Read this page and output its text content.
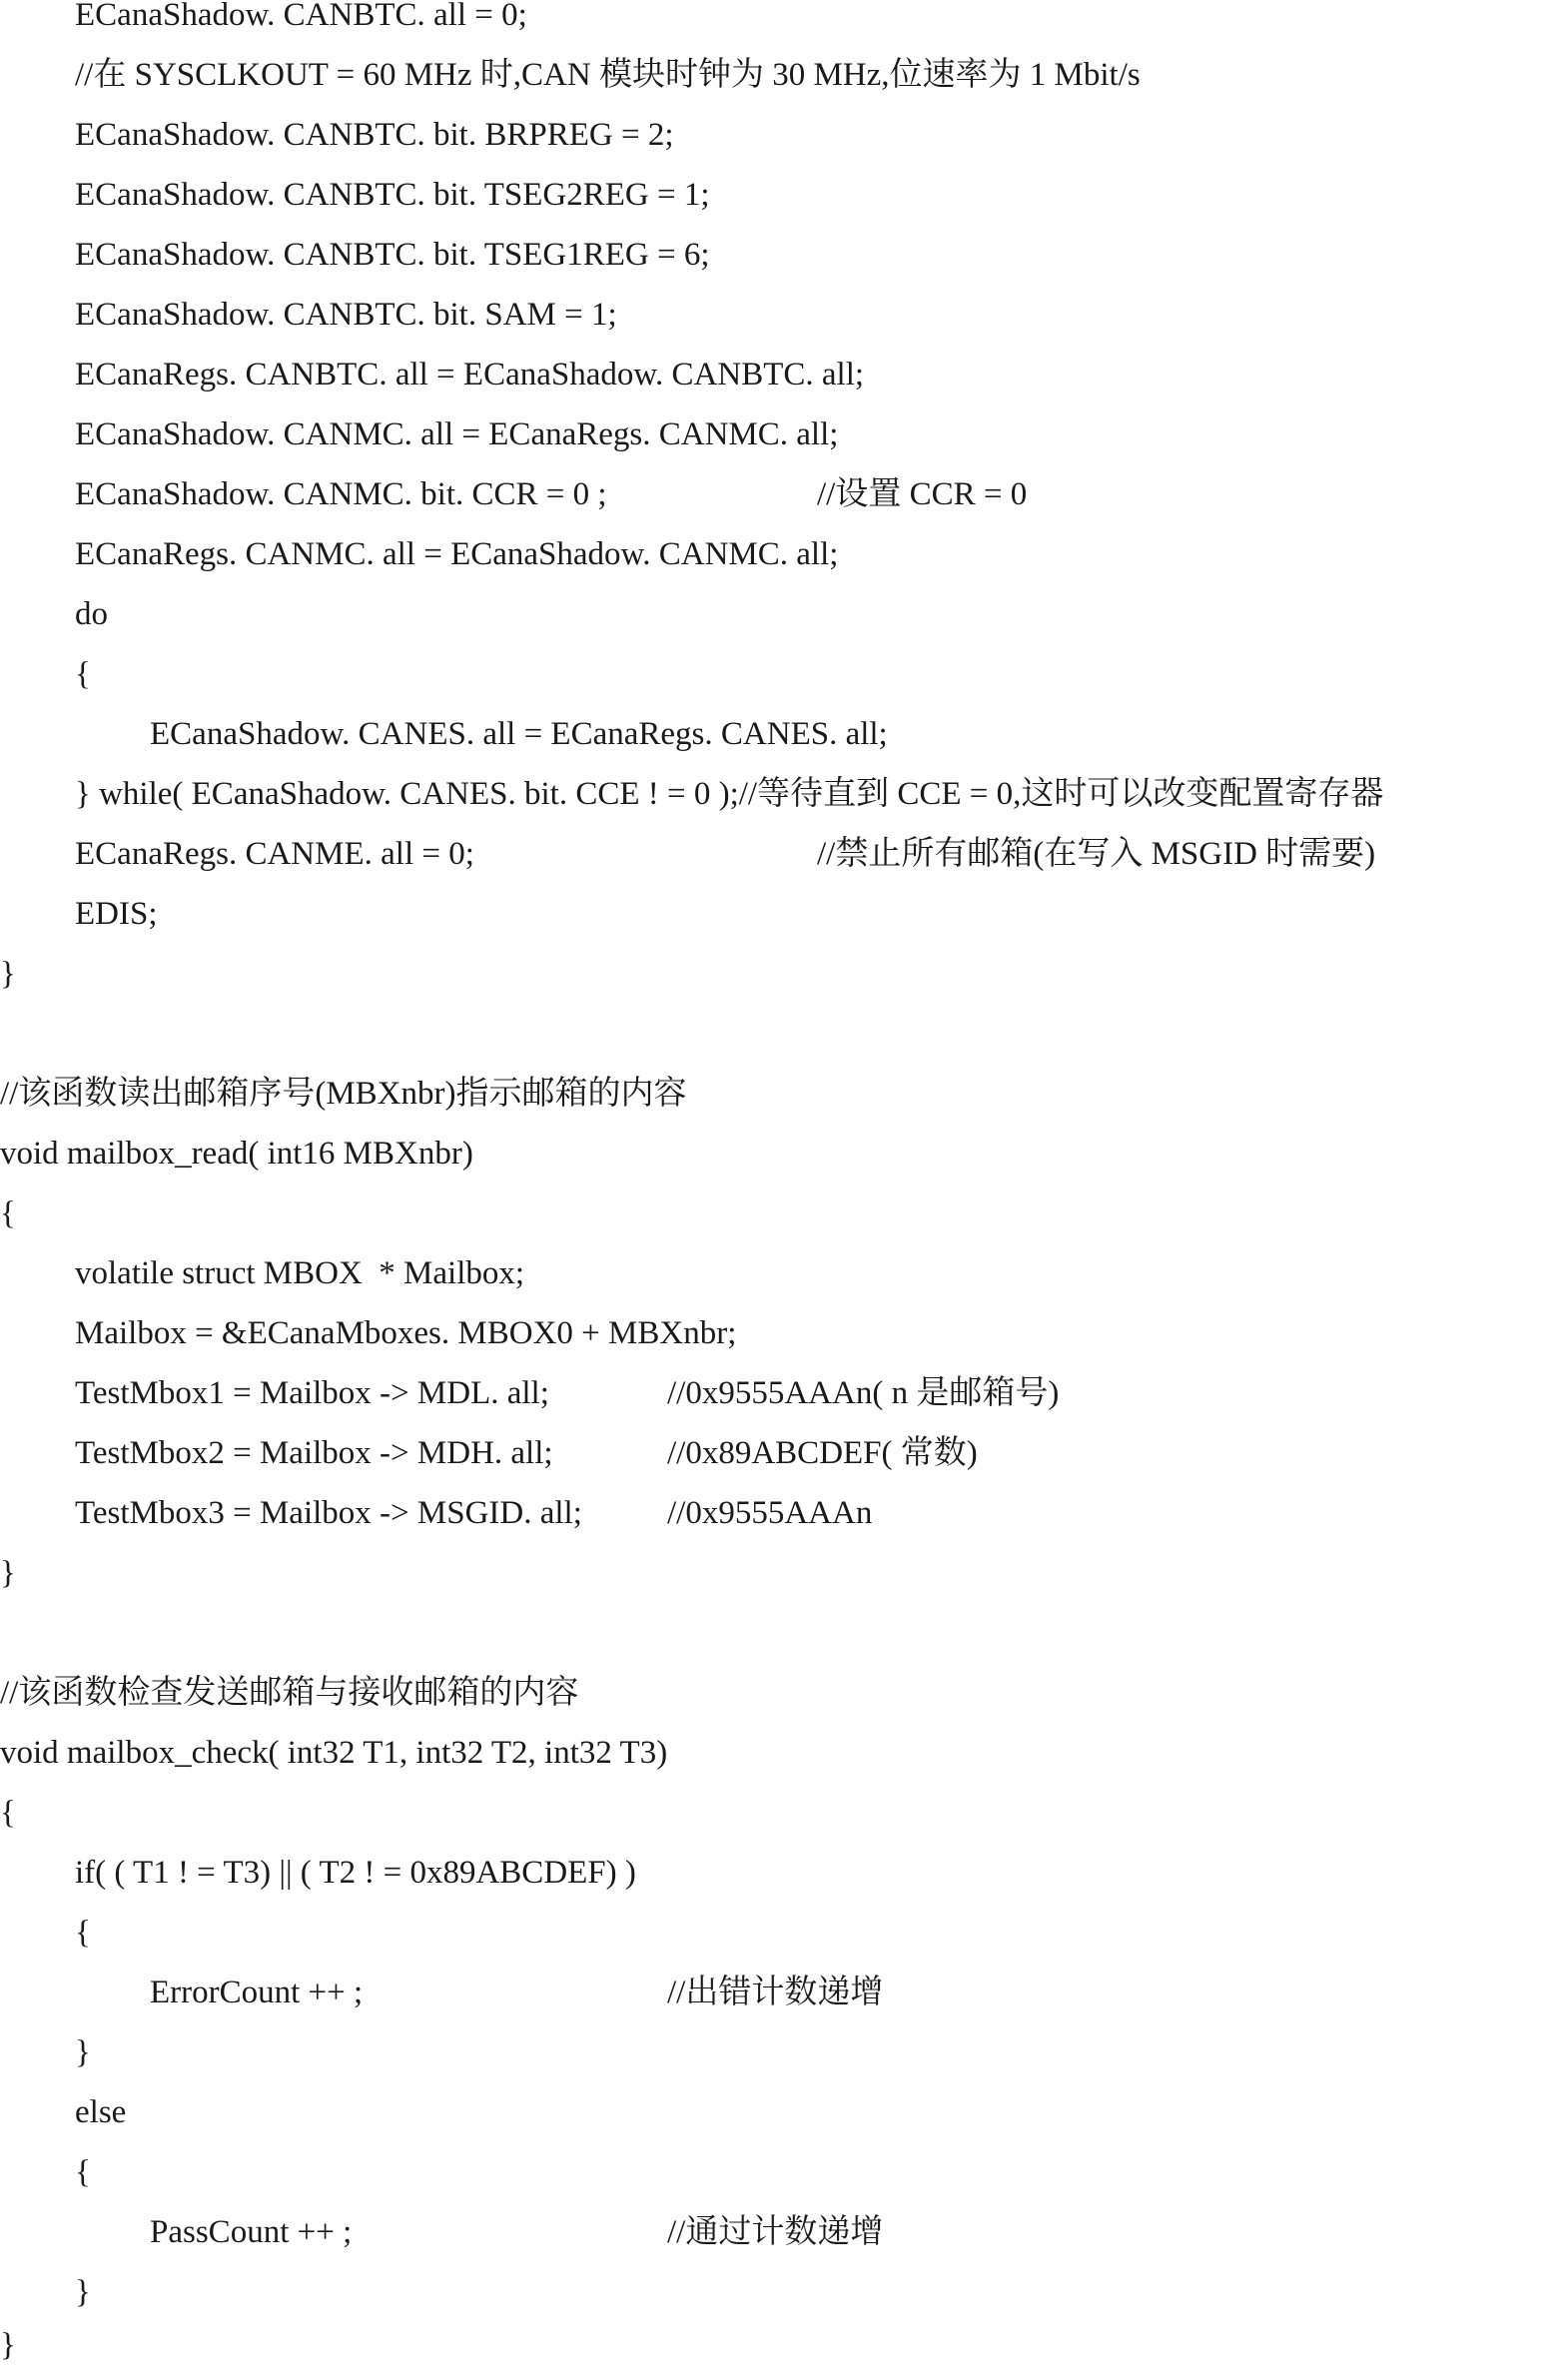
ECanaShadow. CANBTC. all = 0;
//在 SYSCLKOUT = 60 MHz 时,CAN 模块时钟为 30 MHz,位速率为 1 Mbit/s
ECanaShadow. CANBTC. bit. BRPREG = 2;
ECanaShadow. CANBTC. bit. TSEG2REG = 1;
ECanaShadow. CANBTC. bit. TSEG1REG = 6;
ECanaShadow. CANBTC. bit. SAM = 1;
ECanaRegs. CANBTC. all = ECanaShadow. CANBTC. all;
ECanaShadow. CANMC. all = ECanaRegs. CANMC. all;
ECanaShadow. CANMC. bit. CCR = 0 ;	//设置 CCR = 0
ECanaRegs. CANMC. all = ECanaShadow. CANMC. all;
do
{
ECanaShadow. CANES. all = ECanaRegs. CANES. all;
} while( ECanaShadow. CANES. bit. CCE ! = 0 );//等待直到 CCE = 0,这时可以改变配置寄存器
ECanaRegs. CANME. all = 0;	//禁止所有邮箱(在写入 MSGID 时需要)
EDIS;
}
//该函数读出邮箱序号(MBXnbr)指示邮箱的内容
void mailbox_read( int16 MBXnbr)
{
volatile struct MBOX  * Mailbox;
Mailbox = &ECanaMboxes. MBOX0 + MBXnbr;
TestMbox1 = Mailbox -> MDL. all;	//0x9555AAAn( n 是邮箱号)
TestMbox2 = Mailbox -> MDH. all;	//0x89ABCDEF( 常数)
TestMbox3 = Mailbox -> MSGID. all;	//0x9555AAAn
}
//该函数检查发送邮箱与接收邮箱的内容
void mailbox_check( int32 T1, int32 T2, int32 T3)
{
if( ( T1 ! = T3) || ( T2 ! = 0x89ABCDEF) )
{
ErrorCount ++ ;	//出错计数递增
}
else
{
PassCount ++ ;	//通过计数递增
}
}
